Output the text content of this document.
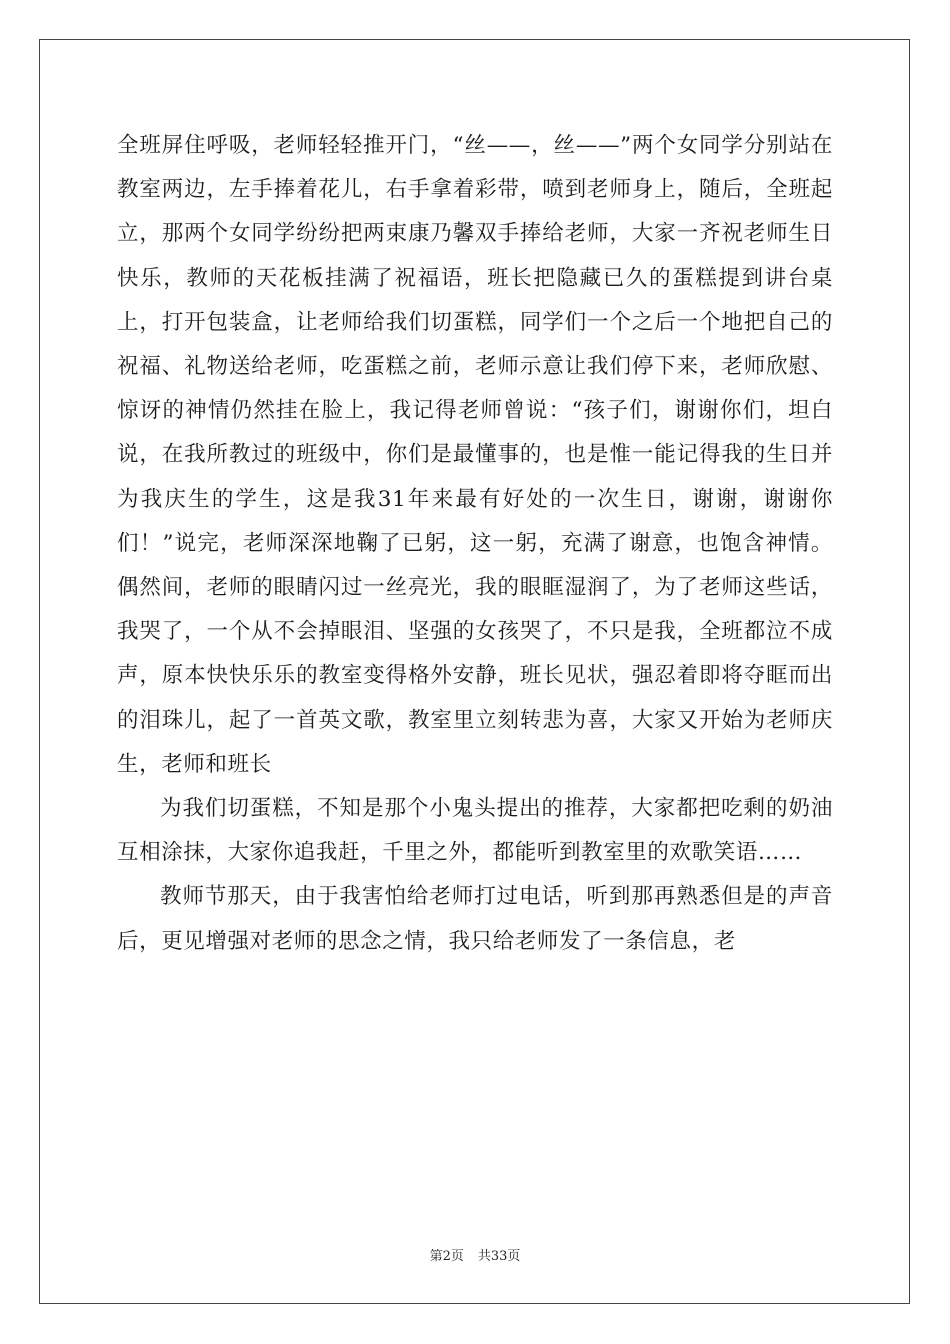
全班屏住呼吸，老师轻轻推开门，“丝——，丝——”两个女同学分别站在教室两边，左手捧着花儿，右手拿着彩带，喷到老师身上，随后，全班起立，那两个女同学纷纷把两束康乃馨双手捧给老师，大家一齐祝老师生日快乐，教师的天花板挂满了祝福语，班长把隐藏已久的蛋糕提到讲台桌上，打开包装盒，让老师给我们切蛋糕，同学们一个之后一个地把自己的祝福、礼物送给老师，吃蛋糕之前，老师示意让我们停下来，老师欣慰、惊讶的神情仍然挂在脸上，我记得老师曾说：“孩子们，谢谢你们，坦白说，在我所教过的班级中，你们是最懂事的，也是惟一能记得我的生日并为我庆生的学生，这是我31年来最有好处的一次生日，谢谢，谢谢你们！”说完，老师深深地鞠了已躬，这一躬，充满了谢意，也饱含神情。偶然间，老师的眼睛闪过一丝亮光，我的眼眶湿润了，为了老师这些话，我哭了，一个从不会掉眼泪、坚强的女孩哭了，不只是我，全班都泣不成声，原本快快乐乐的教室变得格外安静，班长见状，强忍着即将夺眶而出的泪珠儿，起了一首英文歌，教室里立刻转悲为喜，大家又开始为老师庆生，老师和班长

为我们切蛋糕，不知是那个小鬼头提出的推荐，大家都把吃剩的奶油互相涂抹，大家你追我赶，千里之外，都能听到教室里的欢歌笑语……

教师节那天，由于我害怕给老师打过电话，听到那再熟悉但是的声音后，更见增强对老师的思念之情，我只给老师发了一条信息，老

第2页 共33页
